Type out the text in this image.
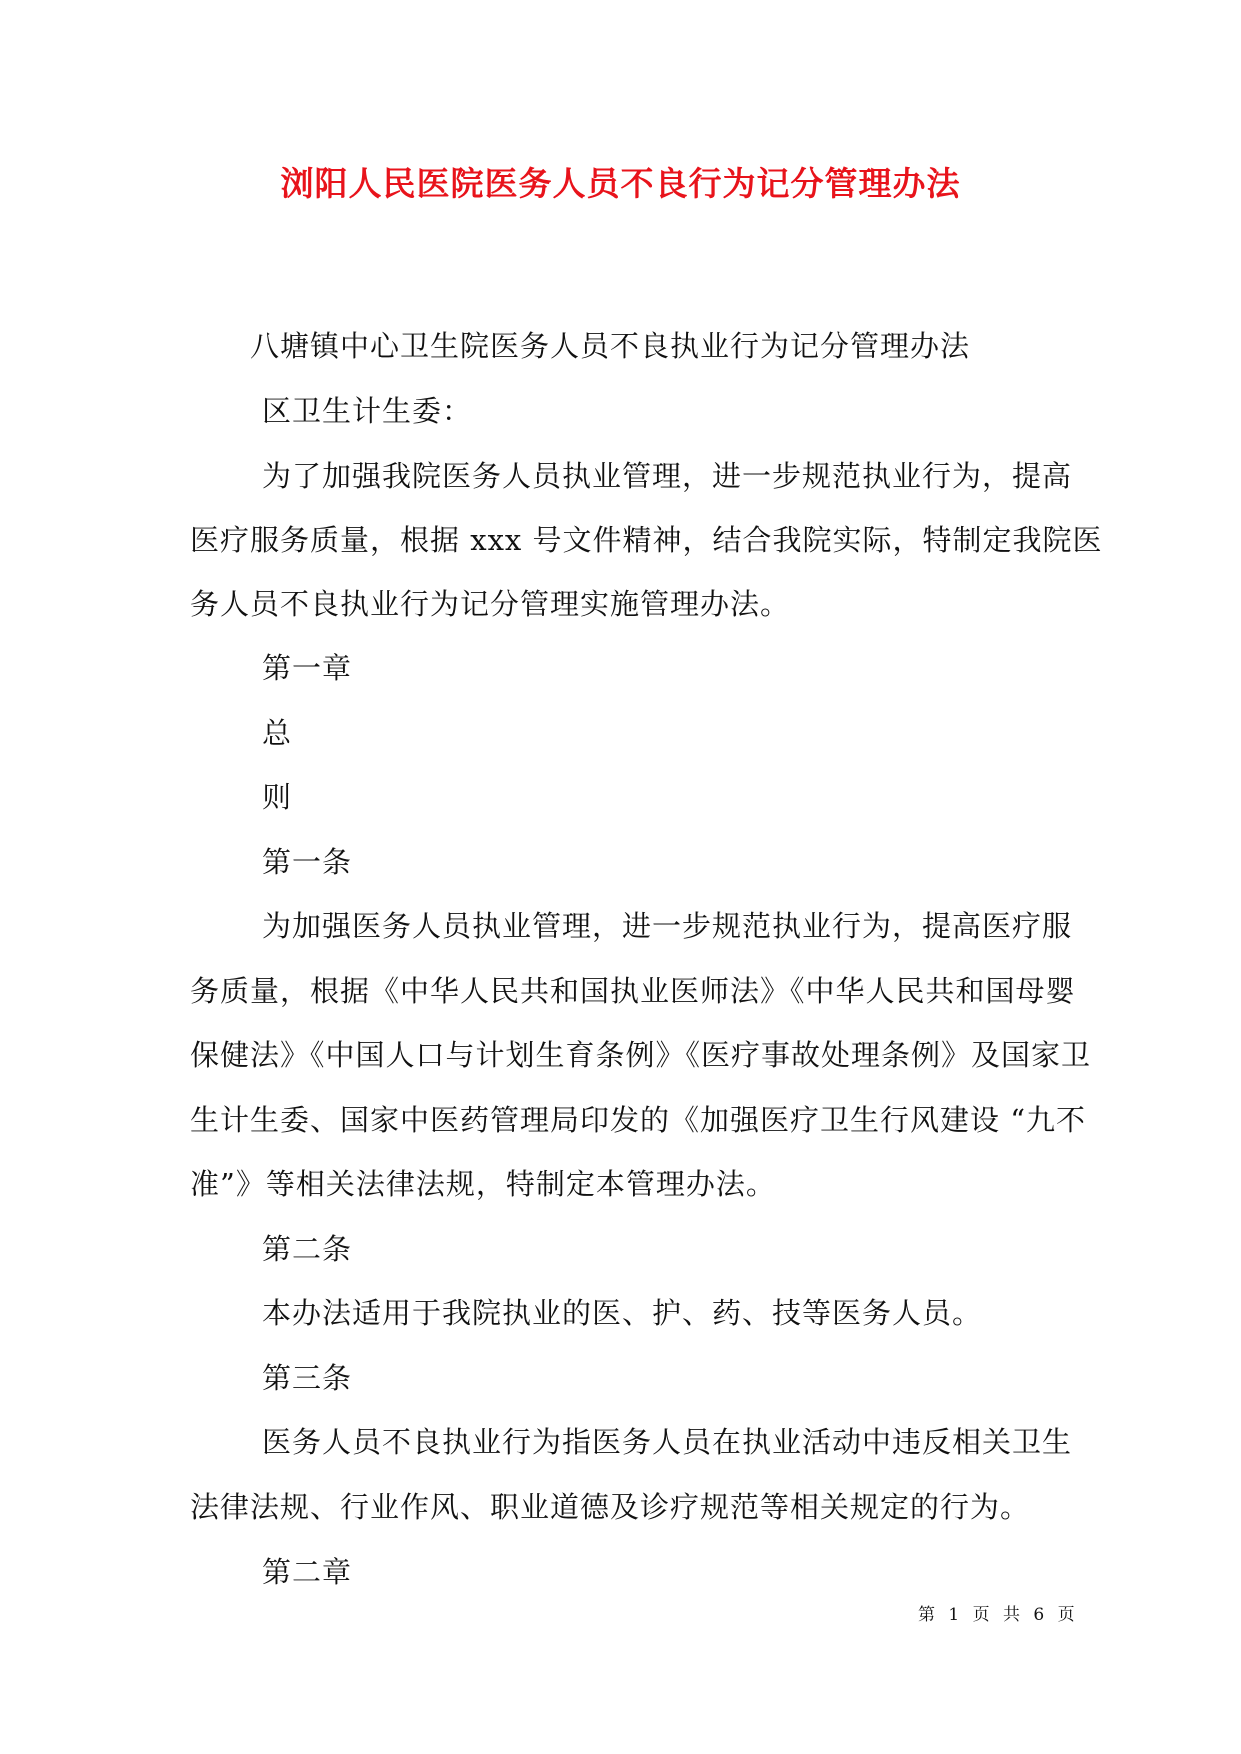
浏阳人民医院医务人员不良行为记分管理办法

八塘镇中心卫生院医务人员不良执业行为记分管理办法

区卫生计生委：

为了加强我院医务人员执业管理，进一步规范执业行为，提高

医疗服务质量，根据 xxx 号文件精神，结合我院实际，特制定我院医

务人员不良执业行为记分管理实施管理办法。

第一章

总

则

第一条

为加强医务人员执业管理，进一步规范执业行为，提高医疗服

务质量，根据《中华人民共和国执业医师法》《中华人民共和国母婴

保健法》《中国人口与计划生育条例》《医疗事故处理条例》及国家卫

生计生委、国家中医药管理局印发的《加强医疗卫生行风建设 “九不

准”》等相关法律法规，特制定本管理办法。

第二条

本办法适用于我院执业的医、护、药、技等医务人员。

第三条

医务人员不良执业行为指医务人员在执业活动中违反相关卫生

法律法规、行业作风、职业道德及诊疗规范等相关规定的行为。

第二章

第 1 页 共 6 页
